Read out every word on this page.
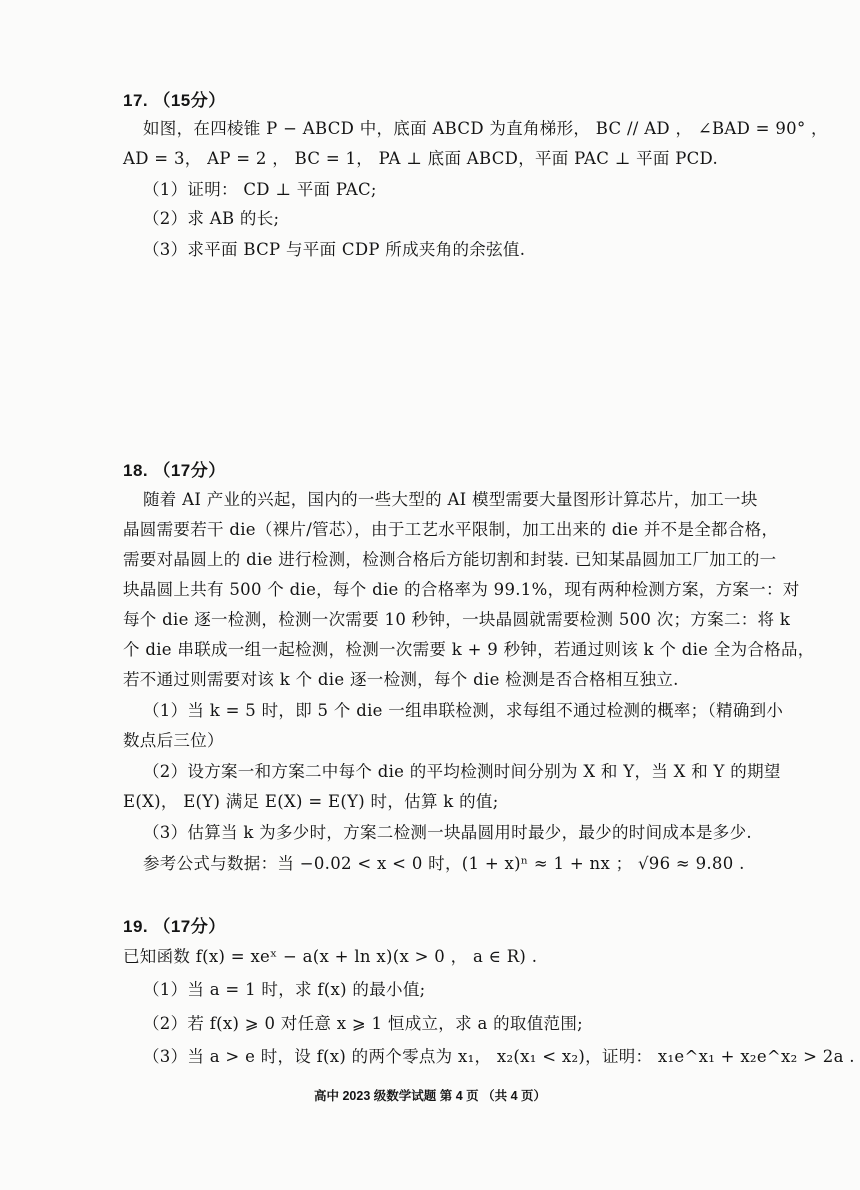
17. （15分）
如图，在四棱锥 P − ABCD 中，底面 ABCD 为直角梯形， BC // AD ， ∠BAD = 90° ，
AD = 3， AP = 2 ， BC = 1， PA ⊥ 底面 ABCD，平面 PAC ⊥ 平面 PCD.
（1）证明： CD ⊥ 平面 PAC;
（2）求 AB 的长;
（3）求平面 BCP 与平面 CDP 所成夹角的余弦值.
18. （17分）
随着 AI 产业的兴起，国内的一些大型的 AI 模型需要大量图形计算芯片，加工一块
晶圆需要若干 die（裸片/管芯），由于工艺水平限制，加工出来的 die 并不是全都合格，
需要对晶圆上的 die 进行检测，检测合格后方能切割和封装. 已知某晶圆加工厂加工的一
块晶圆上共有 500 个 die，每个 die 的合格率为 99.1%，现有两种检测方案，方案一：对
每个 die 逐一检测，检测一次需要 10 秒钟，一块晶圆就需要检测 500 次；方案二：将 k
个 die 串联成一组一起检测，检测一次需要 k + 9 秒钟，若通过则该 k 个 die 全为合格品，
若不通过则需要对该 k 个 die 逐一检测，每个 die 检测是否合格相互独立.
（1）当 k = 5 时，即 5 个 die 一组串联检测，求每组不通过检测的概率；（精确到小
数点后三位）
（2）设方案一和方案二中每个 die 的平均检测时间分别为 X 和 Y，当 X 和 Y 的期望
E(X)， E(Y) 满足 E(X) = E(Y) 时，估算 k 的值;
（3）估算当 k 为多少时，方案二检测一块晶圆用时最少，最少的时间成本是多少.
参考公式与数据：当 −0.02 < x < 0 时，(1 + x)ⁿ ≈ 1 + nx ； √96 ≈ 9.80 .
19. （17分）
已知函数 f(x) = xeˣ − a(x + ln x)(x > 0 ， a ∈ R) .
（1）当 a = 1 时，求 f(x) 的最小值;
（2）若 f(x) ⩾ 0 对任意 x ⩾ 1 恒成立，求 a 的取值范围;
（3）当 a > e 时，设 f(x) 的两个零点为 x₁， x₂(x₁ < x₂)，证明： x₁e^x₁ + x₂e^x₂ > 2a .
高中 2023 级数学试题 第 4 页 （共 4 页）
